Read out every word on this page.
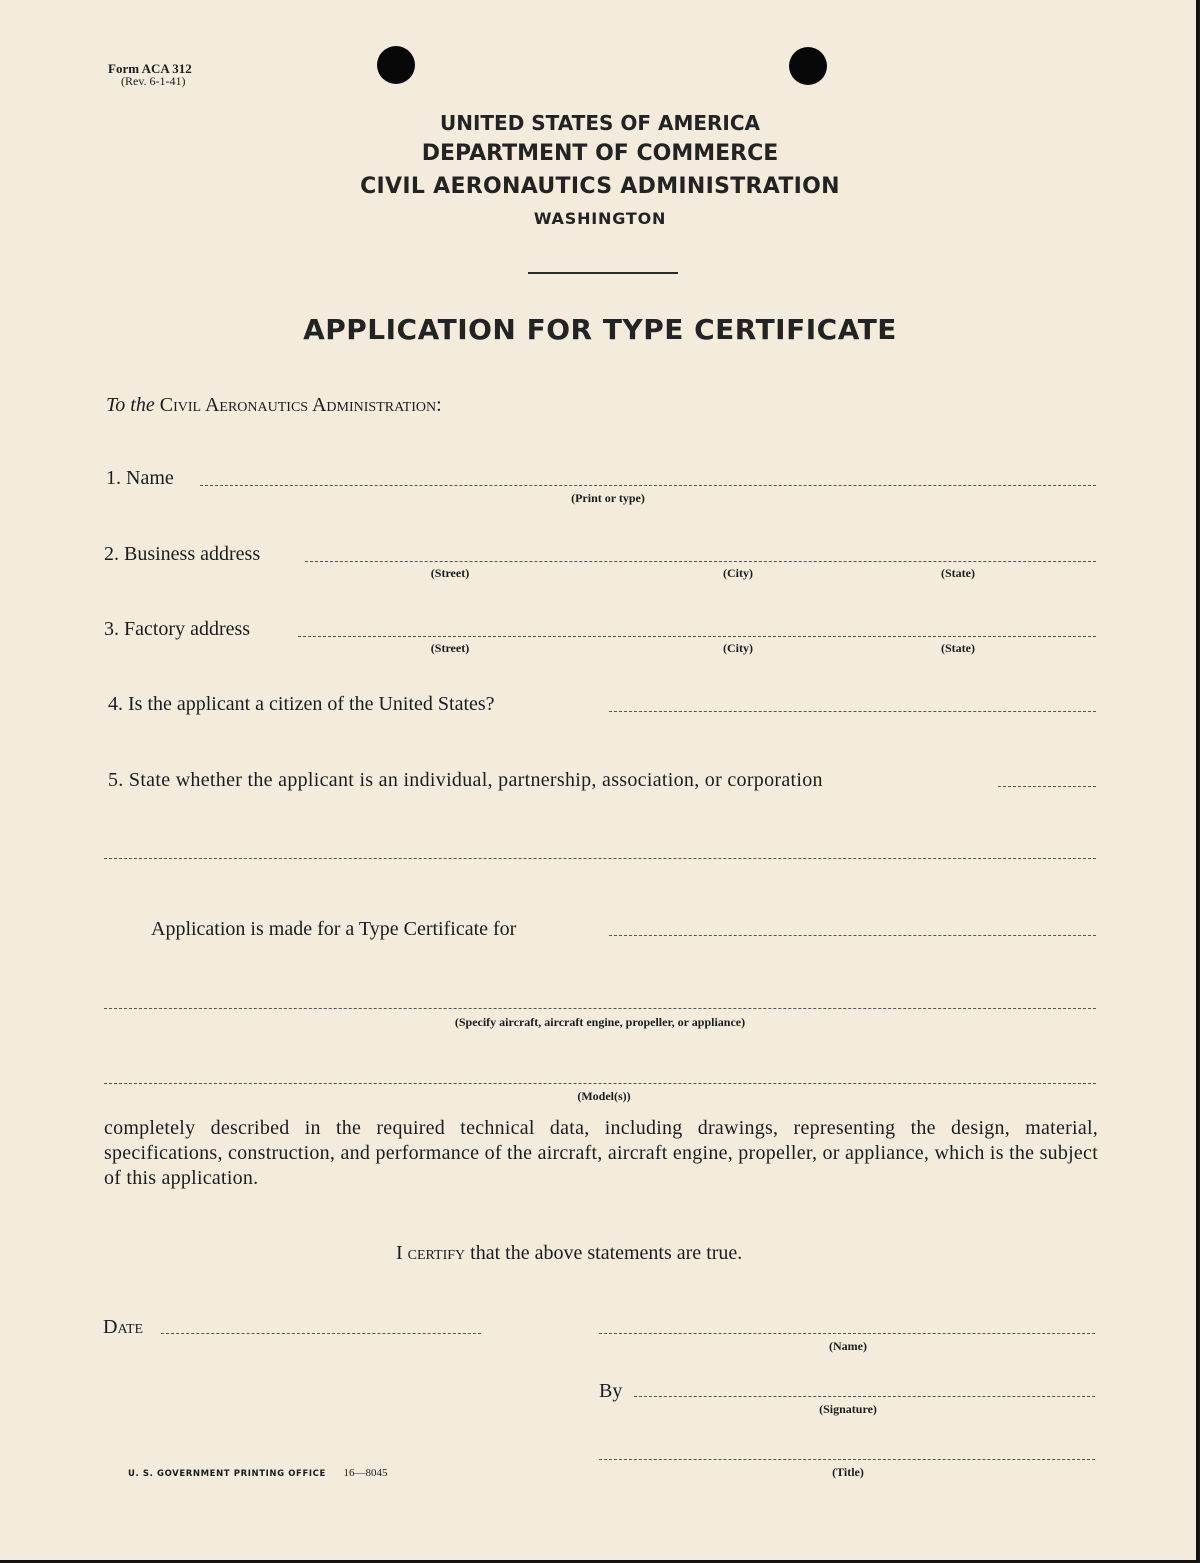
Form ACA 312
(Rev. 6-1-41)
UNITED STATES OF AMERICA
DEPARTMENT OF COMMERCE
CIVIL AERONAUTICS ADMINISTRATION
WASHINGTON
APPLICATION FOR TYPE CERTIFICATE
To the Civil Aeronautics Administration:
1. Name
(Print or type)
2. Business address
(Street)	(City)	(State)
3. Factory address
(Street)	(City)	(State)
4. Is the applicant a citizen of the United States?
5. State whether the applicant is an individual, partnership, association, or corporation
Application is made for a Type Certificate for
(Specify aircraft, aircraft engine, propeller, or appliance)
(Model(s))
completely described in the required technical data, including drawings, representing the design, material, specifications, construction, and performance of the aircraft, aircraft engine, propeller, or appliance, which is the subject of this application.
I certify that the above statements are true.
Date
(Name)
By
(Signature)
(Title)
U. S. GOVERNMENT PRINTING OFFICE 16—8045
